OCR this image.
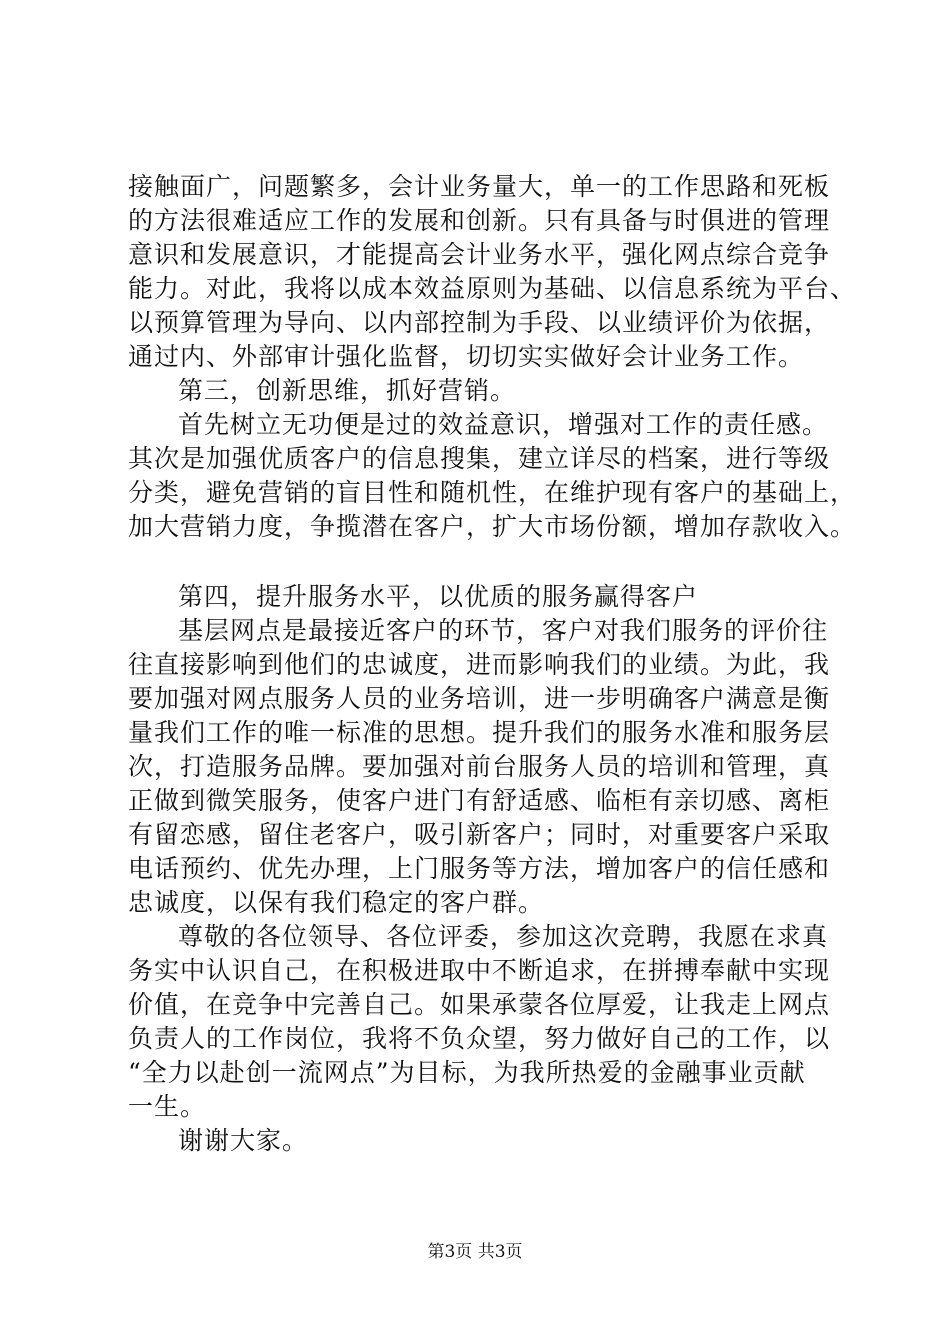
接触面广，问题繁多，会计业务量大，单一的工作思路和死板
的方法很难适应工作的发展和创新。只有具备与时俱进的管理
意识和发展意识，才能提高会计业务水平，强化网点综合竞争
能力。对此，我将以成本效益原则为基础、以信息系统为平台、
以预算管理为导向、以内部控制为手段、以业绩评价为依据，
通过内、外部审计强化监督，切切实实做好会计业务工作。
第三，创新思维，抓好营销。
首先树立无功便是过的效益意识，增强对工作的责任感。
其次是加强优质客户的信息搜集，建立详尽的档案，进行等级
分类，避免营销的盲目性和随机性，在维护现有客户的基础上，
加大营销力度，争揽潜在客户，扩大市场份额，增加存款收入。
第四，提升服务水平，以优质的服务赢得客户
基层网点是最接近客户的环节，客户对我们服务的评价往
往直接影响到他们的忠诚度，进而影响我们的业绩。为此，我
要加强对网点服务人员的业务培训，进一步明确客户满意是衡
量我们工作的唯一标准的思想。提升我们的服务水准和服务层
次，打造服务品牌。要加强对前台服务人员的培训和管理，真
正做到微笑服务，使客户进门有舒适感、临柜有亲切感、离柜
有留恋感，留住老客户，吸引新客户；同时，对重要客户采取
电话预约、优先办理，上门服务等方法，增加客户的信任感和
忠诚度，以保有我们稳定的客户群。
尊敬的各位领导、各位评委，参加这次竞聘，我愿在求真
务实中认识自己，在积极进取中不断追求，在拼搏奉献中实现
价值，在竞争中完善自己。如果承蒙各位厚爱，让我走上网点
负责人的工作岗位，我将不负众望，努力做好自己的工作，以
“全力以赴创一流网点”为目标，为我所热爱的金融事业贡献
一生。
谢谢大家。
第3页 共3页
